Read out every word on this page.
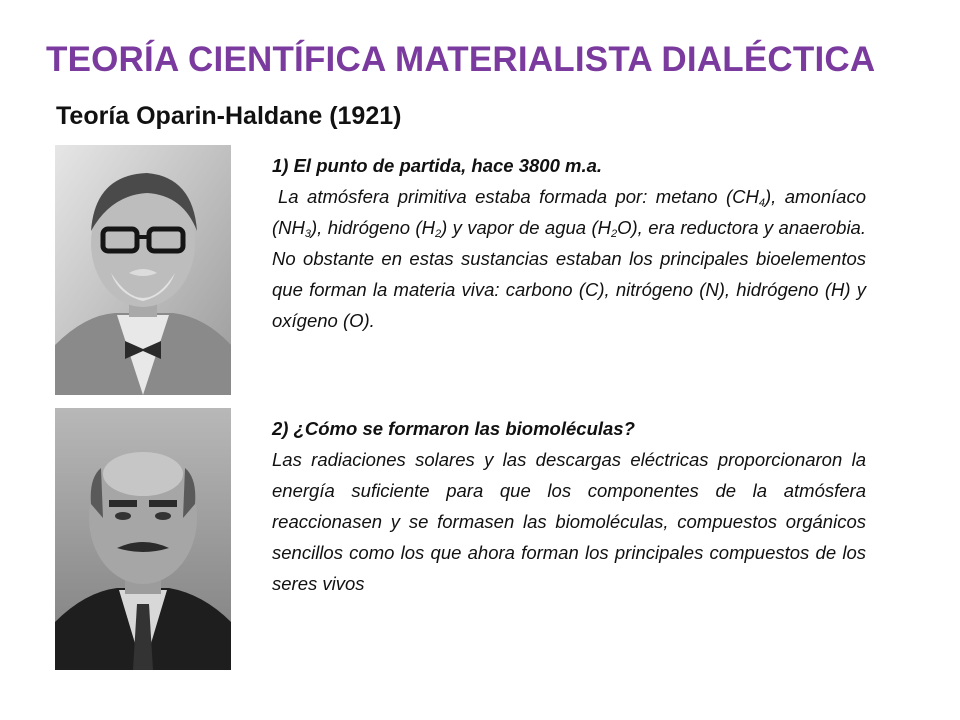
TEORÍA CIENTÍFICA MATERIALISTA DIALÉCTICA
Teoría Oparin-Haldane (1921)
1) El punto de partida, hace 3800 m.a.
La atmósfera primitiva estaba formada por: metano $(CH_4)$, amoníaco $(NH_3)$, hidrógeno $(H_2)$ y vapor de agua $(H_2O)$, era reductora y anaerobia. No obstante en estas sustancias estaban los principales bioelementos que forman la materia viva: carbono (C), nitrógeno (N), hidrógeno (H) y oxígeno (O).
2) ¿Cómo se formaron las biomoléculas?
Las radiaciones solares y las descargas eléctricas proporcionaron la energía suficiente para que los componentes de la atmósfera reaccionasen y se formasen las biomoléculas, compuestos orgánicos sencillos como los que ahora forman los principales compuestos de los seres vivos
